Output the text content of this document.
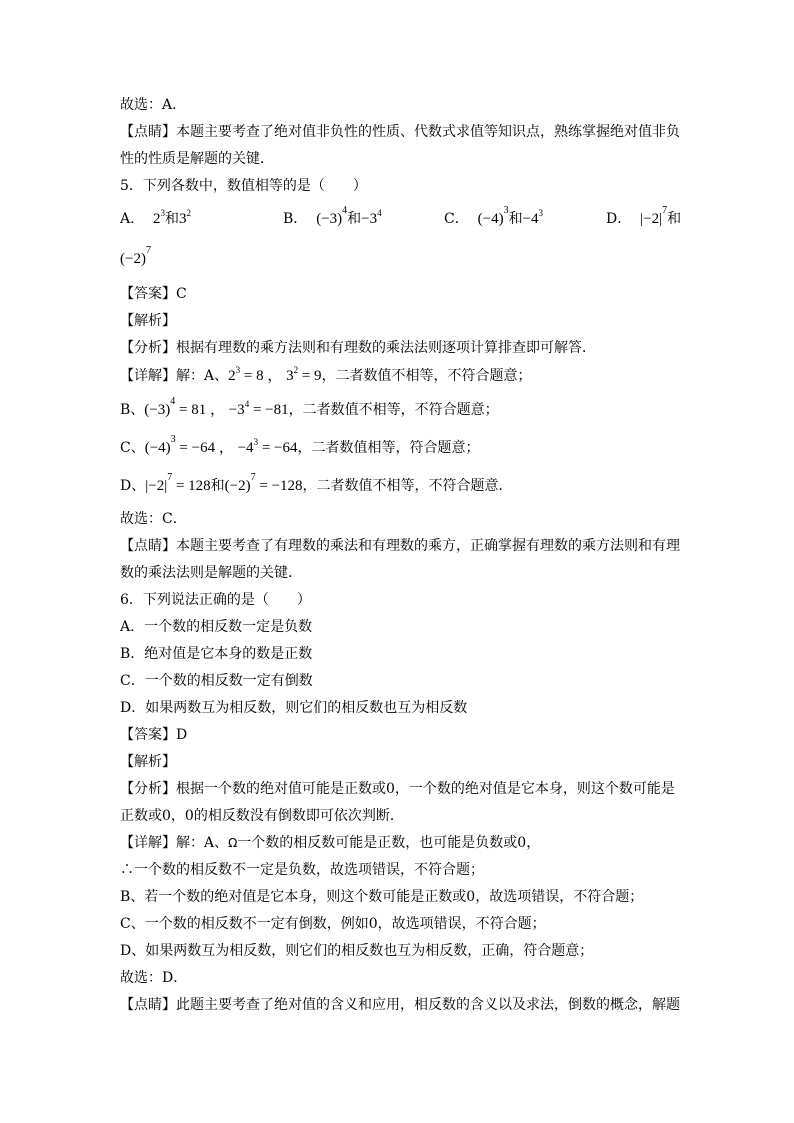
故选：A．
【点睛】本题主要考查了绝对值非负性的性质、代数式求值等知识点，熟练掌握绝对值非负
性的性质是解题的关键．
5．下列各数中，数值相等的是（　　）
A． $2^3$和$3^2$	B． $(-3)^4$和$-3^4$	C． $(-4)^3$和$-4^3$	D． $|-2|^7$和
$(-2)^7$
【答案】C
【解析】
【分析】根据有理数的乘方法则和有理数的乘法法则逐项计算排查即可解答．
【详解】解：A、$2^3 = 8$ ， $3^2 = 9$，二者数值不相等，不符合题意；
B、$(-3)^4 = 81$ ， $-3^4 = -81$，二者数值不相等，不符合题意；
C、$(-4)^3 = -64$ ， $-4^3 = -64$，二者数值相等，符合题意；
D、$|-2|^7 = 128$和$(-2)^7 = -128$，二者数值不相等，不符合题意．
故选：C．
【点睛】本题主要考查了有理数的乘法和有理数的乘方，正确掌握有理数的乘方法则和有理
数的乘法法则是解题的关键．
6．下列说法正确的是（　　）
A．一个数的相反数一定是负数
B．绝对值是它本身的数是正数
C．一个数的相反数一定有倒数
D．如果两数互为相反数，则它们的相反数也互为相反数
【答案】D
【解析】
【分析】根据一个数的绝对值可能是正数或0，一个数的绝对值是它本身，则这个数可能是
正数或0，0的相反数没有倒数即可依次判断．
【详解】解：A、Ω一个数的相反数可能是正数，也可能是负数或0，
∴一个数的相反数不一定是负数，故选项错误，不符合题；
B、若一个数的绝对值是它本身，则这个数可能是正数或0，故选项错误，不符合题；
C、一个数的相反数不一定有倒数，例如0，故选项错误，不符合题；
D、如果两数互为相反数，则它们的相反数也互为相反数，正确，符合题意；
故选：D．
【点睛】此题主要考查了绝对值的含义和应用，相反数的含义以及求法，倒数的概念，解题
